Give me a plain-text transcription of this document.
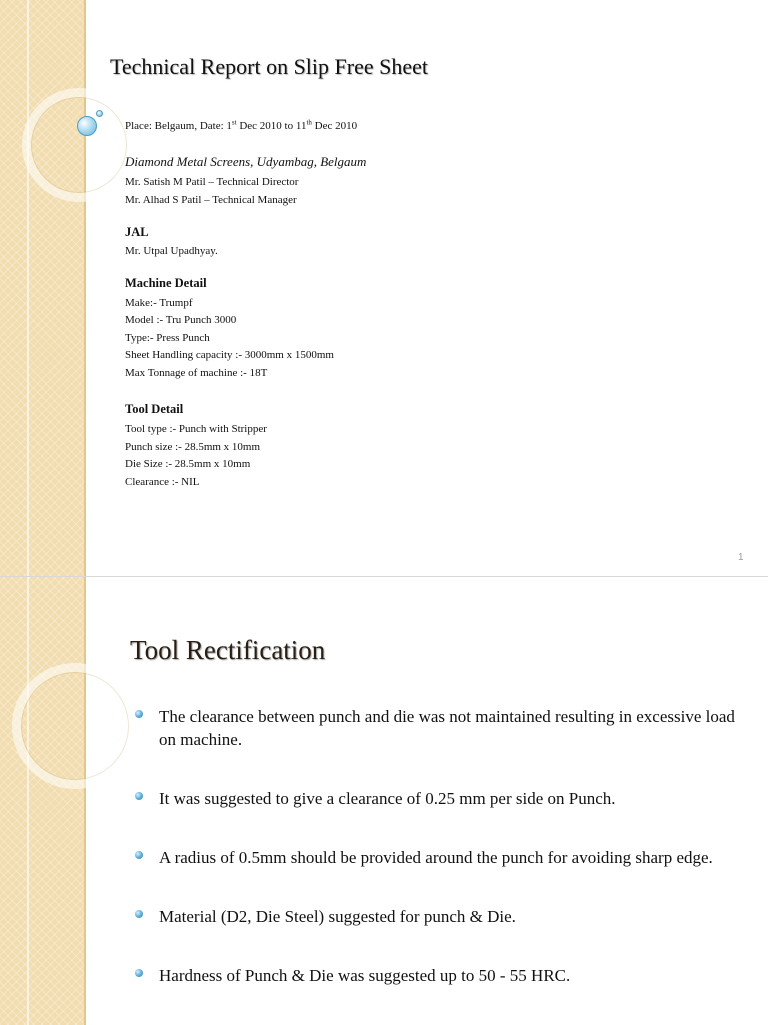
Technical Report on Slip Free Sheet

Place: Belgaum, Date: 1st Dec 2010 to 11th Dec 2010

Diamond Metal Screens, Udyambag, Belgaum

Mr. Satish M Patil – Technical Director

Mr. Alhad S Patil – Technical Manager

JAL

Mr. Utpal Upadhyay.

Machine Detail

Make:- Trumpf

Model :- Tru Punch 3000

Type:- Press Punch

Sheet Handling capacity :- 3000mm x 1500mm

Max Tonnage of machine :- 18T

Tool Detail

Tool type :- Punch with Stripper

Punch size :- 28.5mm x 10mm

Die Size :- 28.5mm x 10mm

Clearance :- NIL

1
Tool Rectification
The clearance between punch and die was not maintained resulting in excessive load on machine.
It was suggested to give a clearance of 0.25 mm per side on Punch.
A radius of 0.5mm should be provided around the punch for avoiding sharp edge.
Material (D2, Die Steel) suggested for punch & Die.
Hardness of Punch & Die was suggested up to 50 - 55 HRC.
